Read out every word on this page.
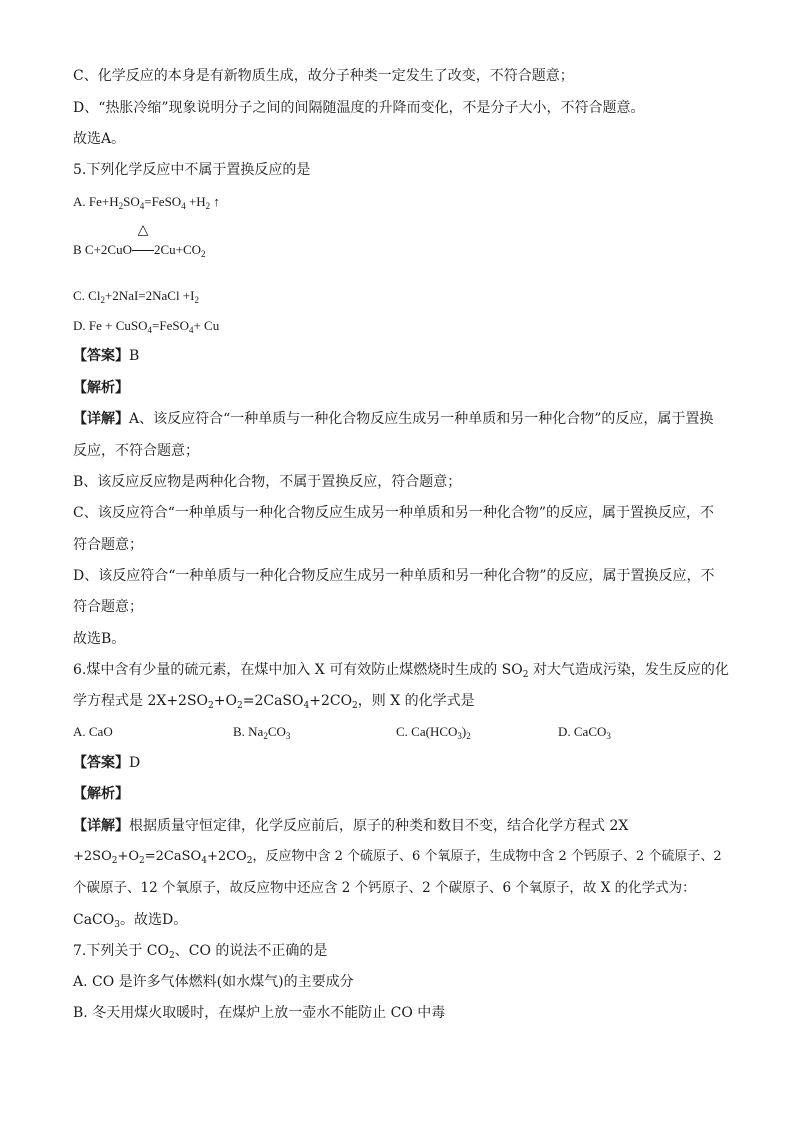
C、化学反应的本身是有新物质生成，故分子种类一定发生了改变，不符合题意；
D、“热胀冷缩”现象说明分子之间的间隔随温度的升降而变化，不是分子大小，不符合题意。
故选A。
5.下列化学反应中不属于置换反应的是
A. $Fe+H_2SO_4=FeSO_4 +H_2$ ↑
B C+2CuO
△
$2Cu+CO_2$
C. $Cl_2+2NaI=2NaCl +I_2$
D. Fe + CuSO$_4$=FeSO$_4$+ Cu
【答案】B
【解析】
【详解】A、该反应符合“一种单质与一种化合物反应生成另一种单质和另一种化合物”的反应，属于置换
反应，不符合题意；
B、该反应反应物是两种化合物，不属于置换反应，符合题意；
C、该反应符合“一种单质与一种化合物反应生成另一种单质和另一种化合物”的反应，属于置换反应，不
符合题意；
D、该反应符合“一种单质与一种化合物反应生成另一种单质和另一种化合物”的反应，属于置换反应，不
符合题意；
故选B。
6.煤中含有少量的硫元素，在煤中加入 X 可有效防止煤燃烧时生成的 $SO_2$ 对大气造成污染，发生反应的化
学方程式是 $2X+2SO_2+O_2=2CaSO_4+2CO_2$，则 X 的化学式是
A. CaO	B. $Na_2CO_3$	C. $Ca(HCO_3)_2$	D. CaCO$_3$
【答案】D
【解析】
【详解】根据质量守恒定律，化学反应前后，原子的种类和数目不变，结合化学方程式 2X
$+2SO_2+O_2=2CaSO_4+2CO_2$，反应物中含 2 个硫原子、6 个氧原子，生成物中含 2 个钙原子、2 个硫原子、2
个碳原子、12 个氧原子，故反应物中还应含 2 个钙原子、2 个碳原子、6 个氧原子，故 X 的化学式为：
CaCO$_3$。故选D。
7.下列关于 $CO_2$、CO 的说法不正确的是
A. CO 是许多气体燃料(如水煤气)的主要成分
B. 冬天用煤火取暖时，在煤炉上放一壶水不能防止 CO 中毒
